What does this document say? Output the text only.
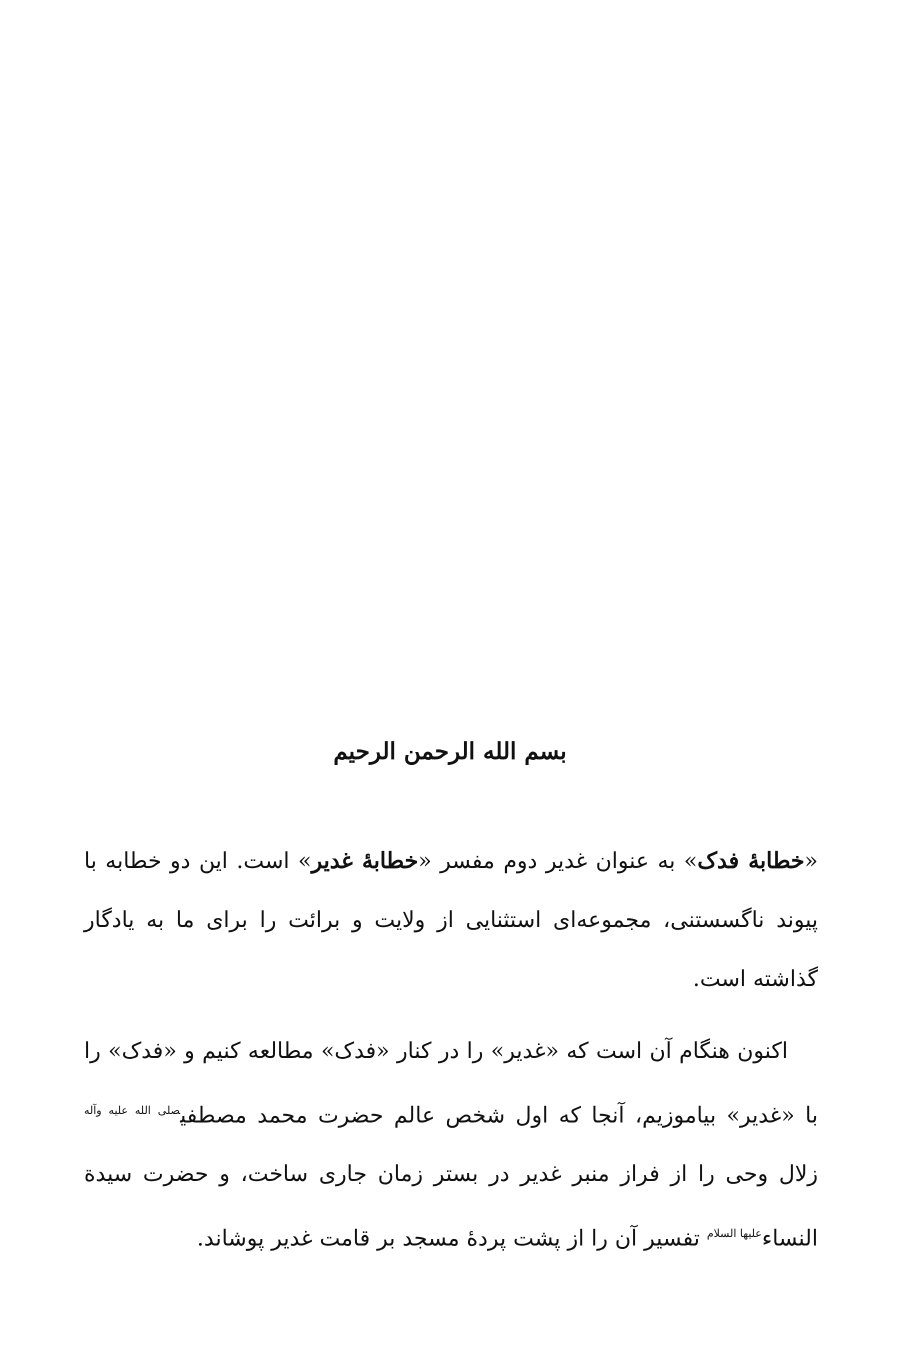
بسم الله الرحمن الرحیم

«خطابۀ فدک» به عنوان غدیر دوم مفسر «خطابۀ غدیر» است. این دو خطابه با پیوند ناگسستنی، مجموعه‌ای استثنایی از ولایت و برائت را برای ما به یادگار گذاشته است.

اکنون هنگام آن است که «غدیر» را در کنار «فدک» مطالعه کنیم و «فدک» را با «غدیر» بیاموزیم، آنجا که اول شخص عالم حضرت محمد مصطفی$^{صلى الله عليه وآله}$ زلال وحی را از فراز منبر غدیر در بستر زمان جاری ساخت، و حضرت سیدة النساء$^{عليها السلام}$ تفسیر آن را از پشت پردۀ مسجد بر قامت غدیر پوشاند.
